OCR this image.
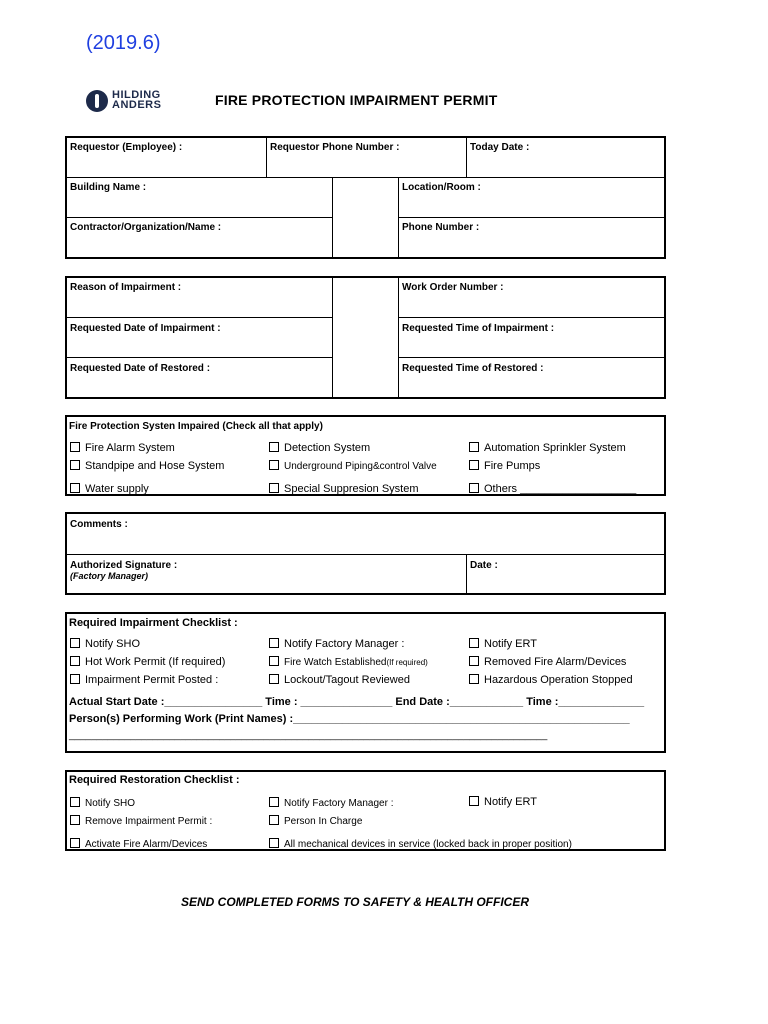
(2019.6)
HILDING
ANDERS	FIRE PROTECTION IMPAIRMENT PERMIT
Requestor (Employee) :	Requestor Phone Number :	Today Date :
Building Name :	Location/Room :
Contractor/Organization/Name :	Phone Number :
Reason of Impairment :	Work Order Number :
Requested Date of Impairment :	Requested Time of Impairment :
Requested Date of Restored :	Requested Time of Restored :
Fire Protection Systen Impaired (Check all that apply)
Fire Alarm System	Detection System	Automation Sprinkler System
Standpipe and Hose System	Underground Piping&control Valve	Fire Pumps
Water supply	Special Suppresion System	Others ___________________
Comments :
Authorized Signature :
(Factory Manager)
Date :
Required Impairment Checklist :
Notify SHO	Notify Factory Manager :	Notify ERT
Hot Work Permit (If required)	Fire Watch Established(If required)	Removed Fire Alarm/Devices
Impairment Permit Posted :	Lockout/Tagout Reviewed	Hazardous Operation Stopped
Actual Start Date :________________ Time : _______________ End Date :____________ Time :______________
Person(s) Performing Work (Print Names) :_______________________________________________________
______________________________________________________________________________________
Required Restoration Checklist :
Notify SHO	Notify Factory Manager :	Notify ERT
Remove Impairment Permit :	Person In Charge
Activate Fire Alarm/Devices	All mechanical devices in service (locked back in proper position)
SEND COMPLETED FORMS TO SAFETY & HEALTH OFFICER
